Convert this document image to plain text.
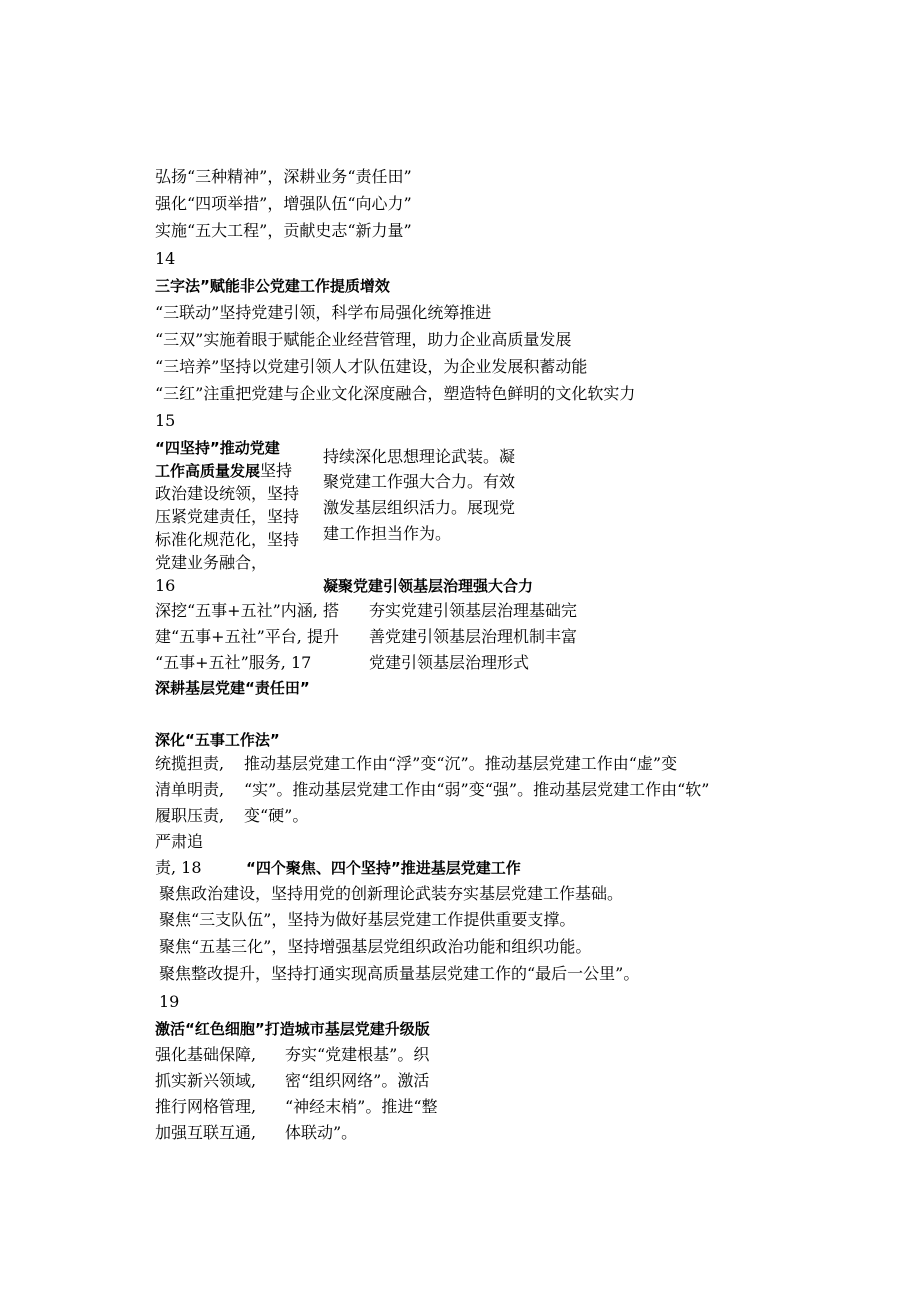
弘扬“三种精神”，深耕业务“责任田”
强化“四项举措”，增强队伍“向心力”
实施“五大工程”，贡献史志“新力量”
14
三字法”赋能非公党建工作提质增效
“三联动”坚持党建引领，科学布局强化统筹推进
“三双”实施着眼于赋能企业经营管理，助力企业高质量发展
“三培养”坚持以党建引领人才队伍建设，为企业发展积蓄动能
“三红”注重把党建与企业文化深度融合，塑造特色鲜明的文化软实力
15
“四坚持”推动党建
工作高质量发展坚持
政治建设统领，坚持
压紧党建责任，坚持
标准化规范化，坚持
党建业务融合，
持续深化思想理论武装。凝
聚党建工作强大合力。有效
激发基层组织活力。展现党
建工作担当作为。
16	凝聚党建引领基层治理强大合力
深挖“五事+五社”内涵, 搭
建“五事+五社”平台, 提升
“五事+五社”服务, 17
夯实党建引领基层治理基础完
善党建引领基层治理机制丰富
党建引领基层治理形式
深耕基层党建“责任田”
深化“五事工作法”
统揽担责,
清单明责,
履职压责,
严肃追
责, 18
推动基层党建工作由“浮”变“沉”。推动基层党建工作由“虚”变
“实”。推动基层党建工作由“弱”变“强”。推动基层党建工作由“软”
变“硬”。
“四个聚焦、四个坚持”推进基层党建工作
聚焦政治建设，坚持用党的创新理论武装夯实基层党建工作基础。
聚焦“三支队伍”，坚持为做好基层党建工作提供重要支撑。
聚焦“五基三化”，坚持增强基层党组织政治功能和组织功能。
聚焦整改提升，坚持打通实现高质量基层党建工作的“最后一公里”。
19
激活“红色细胞”打造城市基层党建升级版
强化基础保障,
抓实新兴领域,
推行网格管理,
加强互联互通,
夯实“党建根基”。织
密“组织网络”。激活
“神经末梢”。推进“整
体联动”。
